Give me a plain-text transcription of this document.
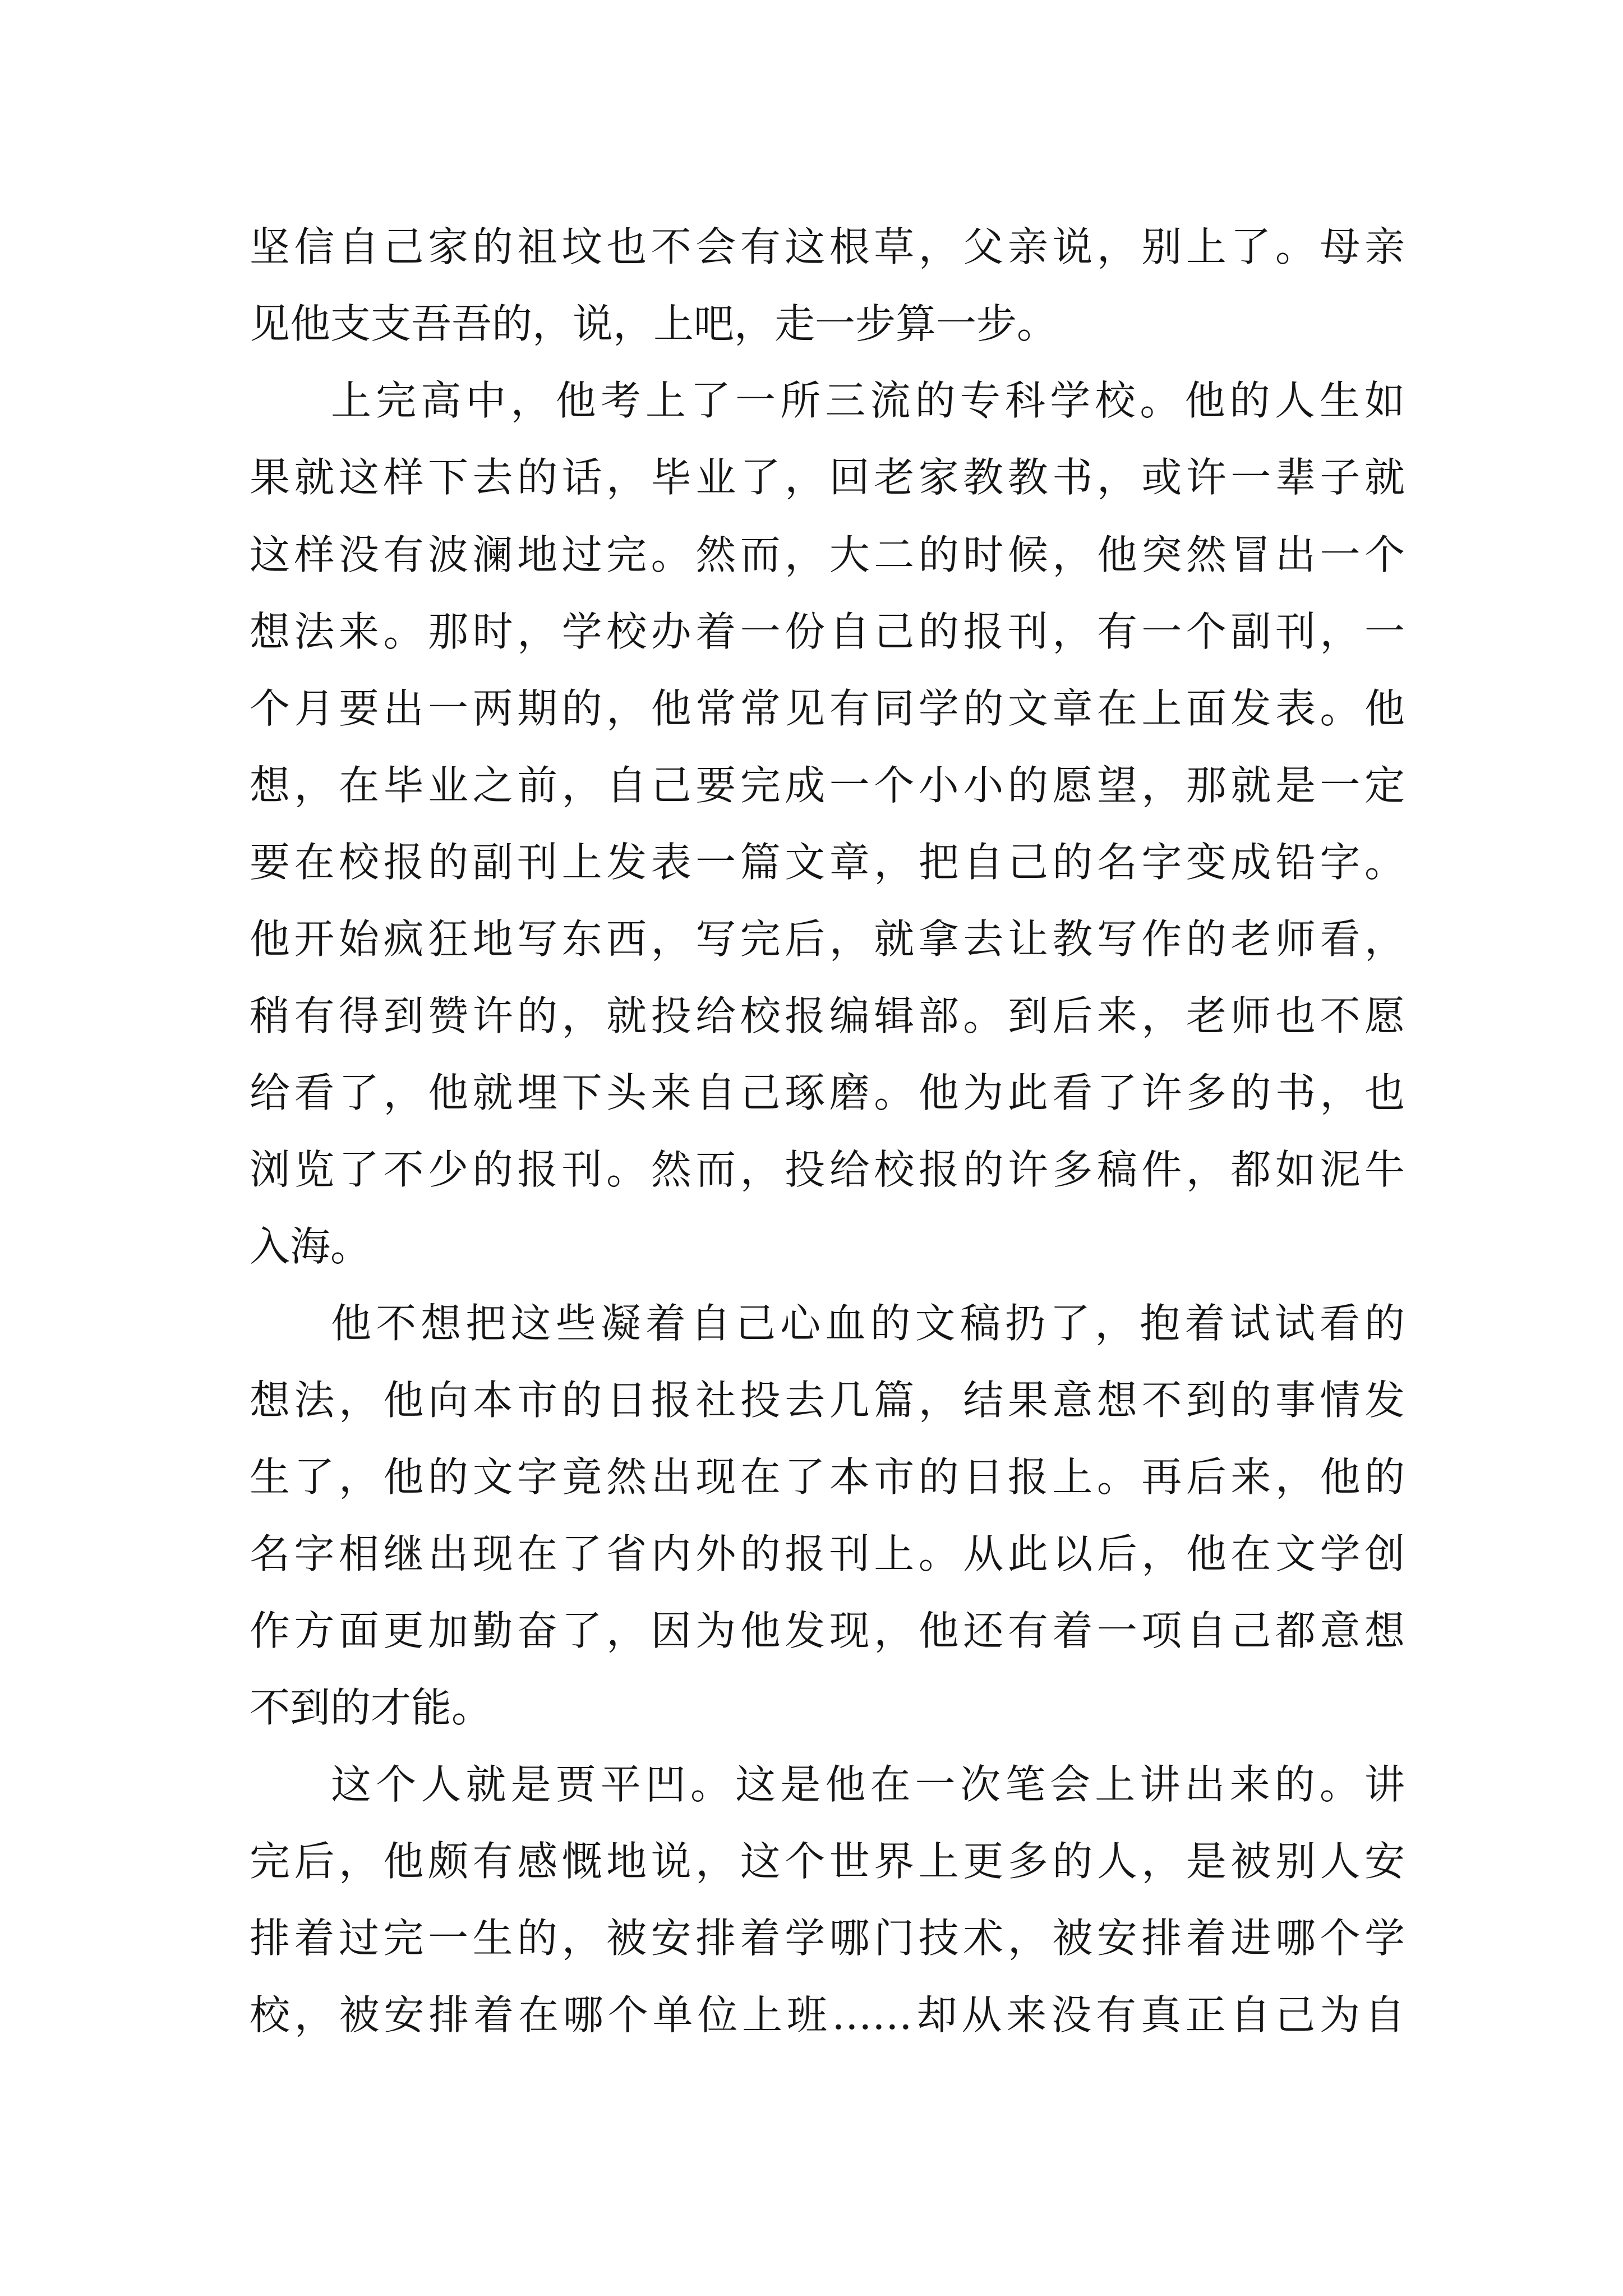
坚信自己家的祖坟也不会有这根草，父亲说，别上了。母亲

见他支支吾吾的，说，上吧，走一步算一步。

上完高中，他考上了一所三流的专科学校。他的人生如

果就这样下去的话，毕业了，回老家教教书，或许一辈子就

这样没有波澜地过完。然而，大二的时候，他突然冒出一个

想法来。那时，学校办着一份自己的报刊，有一个副刊，一

个月要出一两期的，他常常见有同学的文章在上面发表。他

想，在毕业之前，自己要完成一个小小的愿望，那就是一定

要在校报的副刊上发表一篇文章，把自己的名字变成铅字。

他开始疯狂地写东西，写完后，就拿去让教写作的老师看，

稍有得到赞许的，就投给校报编辑部。到后来，老师也不愿

给看了，他就埋下头来自己琢磨。他为此看了许多的书，也

浏览了不少的报刊。然而，投给校报的许多稿件，都如泥牛

入海。

他不想把这些凝着自己心血的文稿扔了，抱着试试看的

想法，他向本市的日报社投去几篇，结果意想不到的事情发

生了，他的文字竟然出现在了本市的日报上。再后来，他的

名字相继出现在了省内外的报刊上。从此以后，他在文学创

作方面更加勤奋了，因为他发现，他还有着一项自己都意想

不到的才能。

这个人就是贾平凹。这是他在一次笔会上讲出来的。讲

完后，他颇有感慨地说，这个世界上更多的人，是被别人安

排着过完一生的，被安排着学哪门技术，被安排着进哪个学

校，被安排着在哪个单位上班……却从来没有真正自己为自
